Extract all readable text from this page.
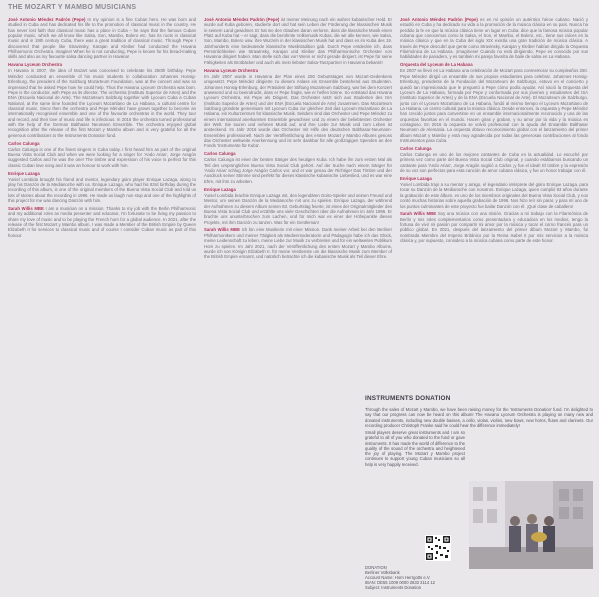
THE MOZART Y MAMBO MUSICIANS

José Antonio Méndez Padrón (Pepe) In my opinion is a fine Cuban hero. He was born and studied in Cuba and has dedicated his life to the promotion of classical music in the country. He has never lost faith that classical music has a place in Cuba – he says that the famous Cuban popular music, which we all know like Salsa, Son, Mambo, Bolero etc. has its roots in classical music and in 19th century Cuba, there was a great tradition of classical music. Through Pepe I discovered that people like Stravinsky, Karajan and Kleiber had conducted the Havana Philharmonic Orchestra. Imagine! When he is not conducting, Pepe is known for his bread-making skills and also as my favourite salsa dancing partner in Havana!

Havana Lyceum Orchestra

In Havana in 2007, the idea of Mozart was conceived to celebrate his 250th birthday. Pepe Méndez conducted an ensemble of his music students in collaboration Johannes Honsig-Erlenburg, the president of the Salzburg Mozarteum Foundation, was at the concert and was so impressed that he asked Pepe how he could help. Thus the Havana Lyceum Orchestra was born. Pepe is the conductor, with Pepe as its director. The orchestra (Instituto Superior de Artes) and the ENA (Escuela Nacional de Arte). The Mozarteum Salzburg together with Lyceum Cuba a Cuban National, at the same time founded the Lyceum Mozartiano de La Habana, a cultural centre for classical music. Since then the orchestra and Pepe Méndez have grown together to become an internationally recognised ensemble and one of the favourite orchestras in the world. They tour and record, and their love of music and life is infectious. In 2016 the orchestra turned professional with the help of the German Balthasar Neumann Ensemble. The orchestra enjoyed global recognition after the release of the first Mozart y Mambo album and is very grateful for all the generous contributions to the Instruments Donation fund.

Carlos Calunga

Carlos Calunga is one of the finest singers in Cuba today. I first heard him as part of the original Buena Vista Social Club and when we were looking for a singer for 'Ando Arias', Jorge Aragón suggested Carlos and he was the one! The timbre and expression of his voice is perfect for this classic Cuban love song and it was an honour to work with him.

Enrique Lazaga

Yuniel Lombida brought his friend and mentor, legendary güiro player Enrique Lazaga, along to play his Danzón de la Medianoche with us. Enrique Lazaga, who had his 83rd birthday during the recording of this album, is one of the original members of the Buena Vista Social Club and told us lots of stories about the recording in 1996. He made us laugh non stop and one of the highlights of this project for me was dancing Danzón with him.

Sarah Willis MBE I am a musician on a mission. Thanks to my job with the Berlin Philharmonic and my additional roles as media presenter and educator, I'm fortunate to be living my passion to share my love of music and to be playing the French horn for a global audience. In 2021, after the release of the first Mozart y Mambo album, I was made a Member of the British Empire by Queen Elizabeth II for services to classical music and of course I consider Cuban music as part of this honour.

José Antonio Méndez Padrón (Pepe) ist meiner Meinung nach ein wahrer kubanischer Held. Er wurde auf Kuba geboren, studierte dort und hat sein Leben der Förderung der klassischen Musik in seinem Land gewidmet. Er hat nie den Glauben daran verloren, dass die klassische Musik einen Platz auf Kuba hat – er sagt, dass die berühmte Volksmusik Kubas, die wir alle kennen, wie Salsa, Son, Mambo, Bolero usw. ihre Wurzeln in der klassischen Musik hat und dass es im Kuba des 19. Jahrhunderts eine bedeutende klassische Musiktradition gab. Durch Pepe entdeckte ich, dass Persönlichkeiten wie Strawinsky, Karajan und Kleiber das Philharmonische Orchester von Havanna dirigiert haben. Man stelle sich das vor! Wenn er nicht gerade dirigiert, ist Pepe für seine Fähigkeiten als Brotbäcker und auch als mein liebster Salsa-Tanzpartner in Havanna bekannt!

Havana Lyceum Orchestra

Im Jahr 2007 wurde in Havanna der Plan eines 250 Geburtstages von Mozart-Gedenkens umgesetzt. Pepe Méndez dirigierte zu diesem Anlass ein Ensemble bestehend aus Studenten. Johannes Honsig-Erlenburg, der Präsident der Stiftung Mozarteum Salzburg, war bei dem Konzert anwesend und so beeindruckt, dass er Pepe fragte, wie er helfen könne. So entstand das Havana Lyceum Orchestra, mit Pepe als Dirigent. Das Orchester setzt sich aus Studenten des ISA (Instituto Superior de Artes) und der ENA (Escuela Nacional de Arte) zusammen. Das Mozarteum Salzburg gründete gemeinsam mit Lyceum Cuba zur gleichen Zeit das Lyceum Mozartiano de La Habana, ein Kulturzentrum für klassische Musik. Seitdem sind das Orchester und Pepe Méndez zu einem international anerkannten Ensemble gewachsen und zu einem der beliebtesten Orchester der Welt. Sie touren und nehmen Musik auf, und ihre Liebe zur Musik und zum Leben ist ansteckend. Im Jahr 2016 wurde das Orchester mit Hilfe des deutschen Balthasar-Neumann-Ensembles professionell. Nach der Veröffentlichung des ersten Mozart y Mambo Albums genoss das Orchester weltweite Anerkennung und ist sehr dankbar für alle großzügigen Spenden an den Fonds 'Instrumente für Kuba'.

Carlos Calunga

Carlos Calunga ist einer der besten Sänger des heutigen Kuba. Ich habe ihn zum ersten Mal als Teil des ursprünglichen Buena Vista Social Club gehört. Auf der Suche nach einem Sänger für 'Ando Arias' schlug Jorge Aragón Carlos vor, und er war genau der Richtige! Das Timbre und der Ausdruck seiner Stimme sind perfekt für dieses klassische kubanische Liebeslied, und es war eine Ehre, mit ihm zu arbeiten.

Enrique Lazaga

Yuniel Lombida brachte Enrique Lazaga mit, den legendären Güiro-Spieler und seinen Freund und Mentor, um seinen Danzón de la Medianoche mit uns zu spielen. Enrique Lazaga, der während der Aufnahmen zu diesem Album seinen 83. Geburtstag feierte, ist eines der Originalmitglieder des Buena Vista Social Club und erzählte uns viele Geschichten über die Aufnahmen im Jahr 1996. Er brachte uns ununterbrochen zum Lachen, und für mich war es einer der Höhepunkte dieses Projekts, mit ihm Danzón zu tanzen. Was für ein Gentleman!

Sarah Willis MBE Ich bin eine Musikerin mit einer Mission. Dank meiner Arbeit bei den Berliner Philharmonikern und meiner Tätigkeit als Medienmoderatorin und Pädagogin habe ich das Glück, meine Leidenschaft zu leben, meine Liebe zur Musik zu verbreiten und für ein weltweites Publikum Horn zu spielen. Im Jahr 2021, nach der Veröffentlichung des ersten Mozart y Mambo Albums, wurde ich von Königin Elizabeth II. für meine Verdienste um die klassische Musik zum Member of the British Empire ernannt, und natürlich betrachte ich die kubanische Musik als Teil dieser Ehre.

José Antonio Méndez Padrón (Pepe) es en mi opinión un auténtico héroe cubano. Nació y estudió en Cuba y ha dedicado su vida a la promoción de la música clásica en su país. Nunca ha perdido la fe en que la música clásica tiene un lugar en Cuba: dice que la famosa música popular cubana que conocemos como la Salsa, el Son, el Mambo, el Bolero, etc., tiene sus raíces en la música clásica y que en la Cuba del siglo XIX existía una gran tradición de música clásica. A través de Pepe descubrí que gente como Stravinsky, Karajan y Kleiber habían dirigido la Orquesta Filarmónica de La Habana. ¡Imagínese! Cuando no está dirigiendo, Pepe es conocido por sus habilidades de panadero, y es también mi pareja favorita de baile de salsa en La Habana.

Orquesta del Lyceum de La Habana

En 2007 se llevó en La Habana una celebración de Mozart para conmemorar su cumpleaños 250. Pepe Méndez dirigió un ensamble de sus propios estudiantes para celebrar. Johannes Honsig-Erlenburg, presidente de la Fundación del Mozarteum de Salzburgo, estuvo en el concierto y quedó tan impresionado que le preguntó a Pepe cómo podía ayudar. Así nació la Orquesta del Lyceum de La Habana, formada por Pepe y conformada por sus jóvenes y estudiantes del ISA (Instituto Superior de Artes) y de la ENA (Escuela Nacional de Arte). El Mozarteum de Salzburgo, junto con el Lyceum Mozartiano de La Habana, fundó al mismo tiempo el Lyceum Mozartiano de La Habana, un centro cultural para la música clásica. Desde entonces, la orquesta y Pepe Méndez han crecido juntos para convertirse en un ensamble internacionalmente reconocido y una de las orquestas favoritas en el mundo. Hacen giras y graban, y su amor por la vida y la música es contagioso. En 2016 la orquesta se volvió profesional con la ayuda del Ensamble Balthasar Neumann de Alemania. La orquesta obtuvo reconocimiento global con el lanzamiento del primer álbum Mozart y Mambo y está muy agradecida por todas las generosas contribuciones al fondo Instrumentos para Cuba.

Carlos Calunga

Carlos Calunga es uno de los mejores cantantes de Cuba en la actualidad. Lo escuché por primera vez como parte del Buena Vista Social Club original, y cuando estábamos buscando un cantante para 'Ando Arias', Jorge Aragón sugirió a Carlos ¡y fue el ideal! El timbre y la expresión de su voz son perfectos para esta canción de amor cubana clásica, y fue un honor trabajar con él.

Enrique Lazaga

Yuniel Lombida trajo a su mentor y amigo, el legendario intérprete del güiro Enrique Lazaga, para tocar su Danzón de la Medianoche con nosotros. Enrique Lazaga, quien cumplió 83 años durante la grabación de este álbum, es uno de los miembros originales del Buena Vista Social Club, y nos contó muchas historias sobre aquella grabación de 1996. Nos hizo reír sin parar, y para mí uno de los puntos culminantes de este proyecto fue bailar Danzón con él. ¡Qué clase de caballero!

Sarah Willis MBE Soy una música con una misión. Gracias a mi trabajo con la Filarmónica de Berlín y mis roles complementarios como presentadora y educadora en los medios, tengo la fortuna de vivir mi pasión por compartir mi amor por la música y tocar el corno francés para un público global. En 2021, después del lanzamiento del primer álbum Mozart y Mambo, fui nombrada Miembro del Imperio Británico por la Reina Isabel II por mis servicios a la música clásica y, por supuesto, considero a la música cubana como parte de este honor.

INSTRUMENTS DONATION
Through the sales of Mozart y Mambo, we have been raising money for the 'Instruments Donation' fund. I'm delighted to say that our progress can now be heard on this album! The Havana Lyceum Orchestra is playing on many new and donated instruments, including new double basses, a cello, violas, violins, new bows, new horns, flutes and clarinets. Our recording producer Christoph Franke said he could hear the difference immediately!
Small players deserve great instruments and I am so grateful to all of you who donated to the fund or gave instruments. It has made the world of difference to the quality of the sound of the orchestra and heightened the joy of playing. The Mozart y Mambo project continues to support young Cuban musicians so all help is very happily received.
DONATION
Berliner Volksbank
Account Name: Horn Herrgotts e.V.
IBAN: DE55 1009 0000 2633 2114 12
Subject: Instruments Donation
